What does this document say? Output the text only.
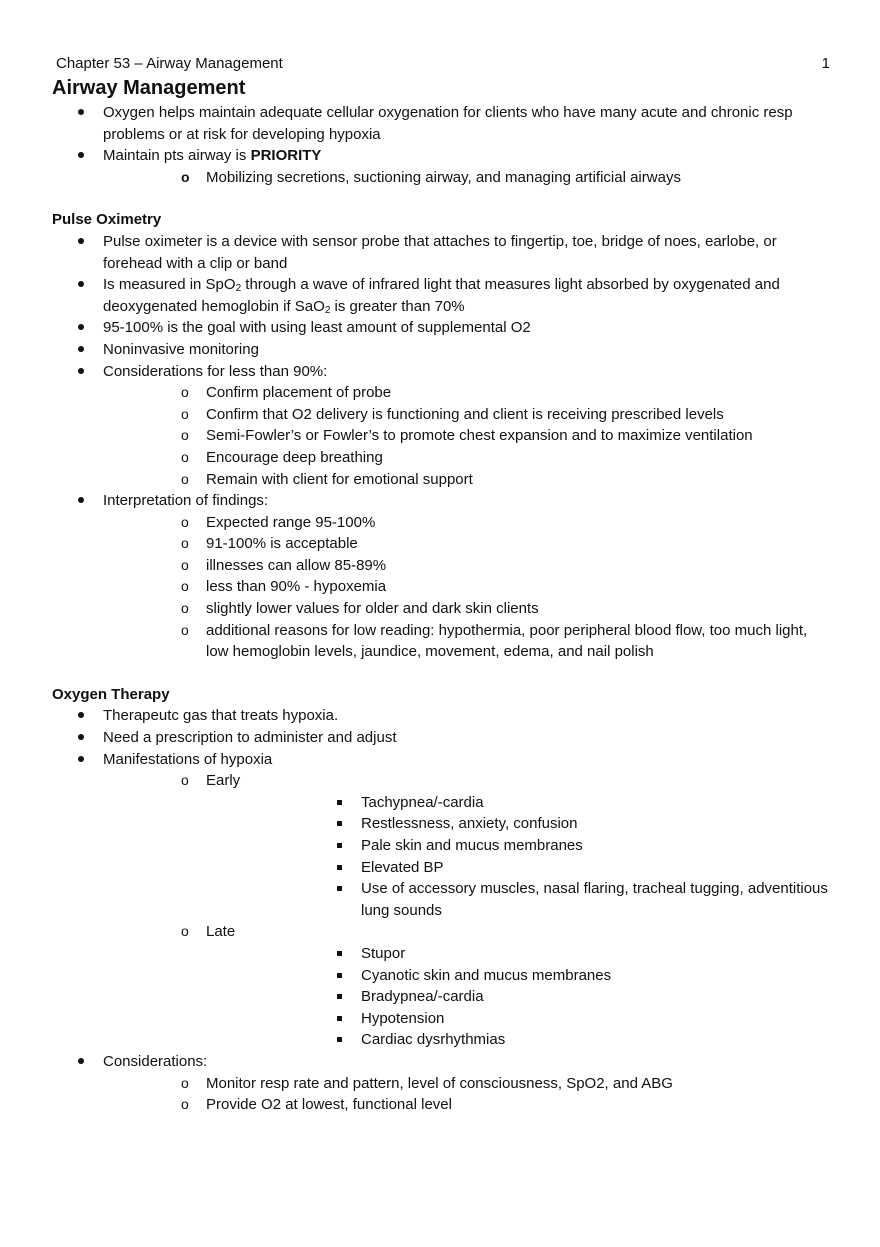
Chapter 53 – Airway Management	1
Airway Management
Oxygen helps maintain adequate cellular oxygenation for clients who have many acute and chronic resp problems or at risk for developing hypoxia
Maintain pts airway is PRIORITY
o Mobilizing secretions, suctioning airway, and managing artificial airways
Pulse Oximetry
Pulse oximeter is a device with sensor probe that attaches to fingertip, toe, bridge of noes, earlobe, or forehead with a clip or band
Is measured in SpO$_2$ through a wave of infrared light that measures light absorbed by oxygenated and deoxygenated hemoglobin if SaO$_2$ is greater than 70%
95-100% is the goal with using least amount of supplemental O2
Noninvasive monitoring
Considerations for less than 90%:
o Confirm placement of probe
o Confirm that O2 delivery is functioning and client is receiving prescribed levels
o Semi-Fowler’s or Fowler’s to promote chest expansion and to maximize ventilation
o Encourage deep breathing
o Remain with client for emotional support
Interpretation of findings:
o Expected range 95-100%
o 91-100% is acceptable
o illnesses can allow 85-89%
o less than 90% - hypoxemia
o slightly lower values for older and dark skin clients
o additional reasons for low reading: hypothermia, poor peripheral blood flow, too much light, low hemoglobin levels, jaundice, movement, edema, and nail polish
Oxygen Therapy
Therapeutc gas that treats hypoxia.
Need a prescription to administer and adjust
Manifestations of hypoxia
o Early
Tachypnea/-cardia
Restlessness, anxiety, confusion
Pale skin and mucus membranes
Elevated BP
Use of accessory muscles, nasal flaring, tracheal tugging, adventitious lung sounds
o Late
Stupor
Cyanotic skin and mucus membranes
Bradypnea/-cardia
Hypotension
Cardiac dysrhythmias
Considerations:
o Monitor resp rate and pattern, level of consciousness, SpO2, and ABG
o Provide O2 at lowest, functional level
